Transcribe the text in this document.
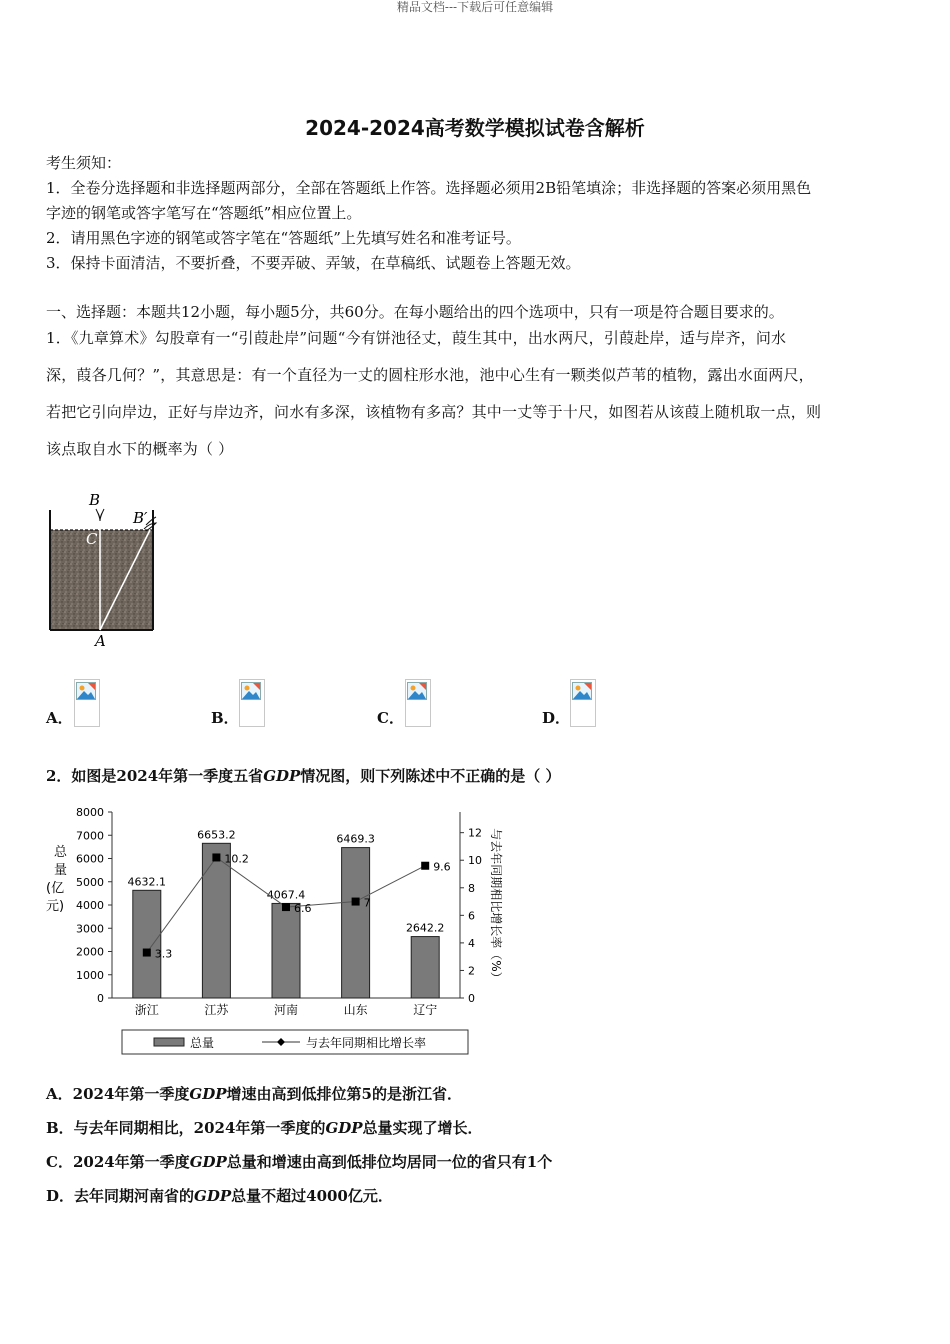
精品文档---下载后可任意编辑
2024-2024高考数学模拟试卷含解析
考生须知：
1．全卷分选择题和非选择题两部分，全部在答题纸上作答。选择题必须用2B铅笔填涂；非选择题的答案必须用黑色
字迹的钢笔或答字笔写在“答题纸”相应位置上。
2．请用黑色字迹的钢笔或答字笔在“答题纸”上先填写姓名和准考证号。
3．保持卡面清洁，不要折叠，不要弄破、弄皱，在草稿纸、试题卷上答题无效。
一、选择题：本题共12小题，每小题5分，共60分。在每小题给出的四个选项中，只有一项是符合题目要求的。
1．《九章算术》勾股章有一“引葭赴岸”问题“今有饼池径丈，葭生其中，出水两尺，引葭赴岸，适与岸齐，问水
深，葭各几何？”，其意思是：有一个直径为一丈的圆柱形水池，池中心生有一颗类似芦苇的植物，露出水面两尺，
若把它引向岸边，正好与岸边齐，问水有多深，该植物有多高？其中一丈等于十尺，如图若从该葭上随机取一点，则
该点取自水下的概率为（ ）
B
C
B′
A
A．	B．	C．	D．
2．如图是2024年第一季度五省GDP情况图，则下列陈述中不正确的是（ ）
0
1000
2000
3000
4000
5000
6000
7000
8000
0
2
4
6
8
10
12
总量(亿元)	与去年同期相比增长率（%）
4632.1
浙江
6653.2
江苏
4067.4
河南
6469.3
山东
2642.2
辽宁
3.3
10.2
6.6	7
9.6
总量	与去年同期相比增长率
A．2024年第一季度GDP增速由高到低排位第5的是浙江省．
B．与去年同期相比，2024年第一季度的GDP总量实现了增长．
C．2024年第一季度GDP总量和增速由高到低排位均居同一位的省只有1个
D．去年同期河南省的GDP总量不超过4000亿元．
